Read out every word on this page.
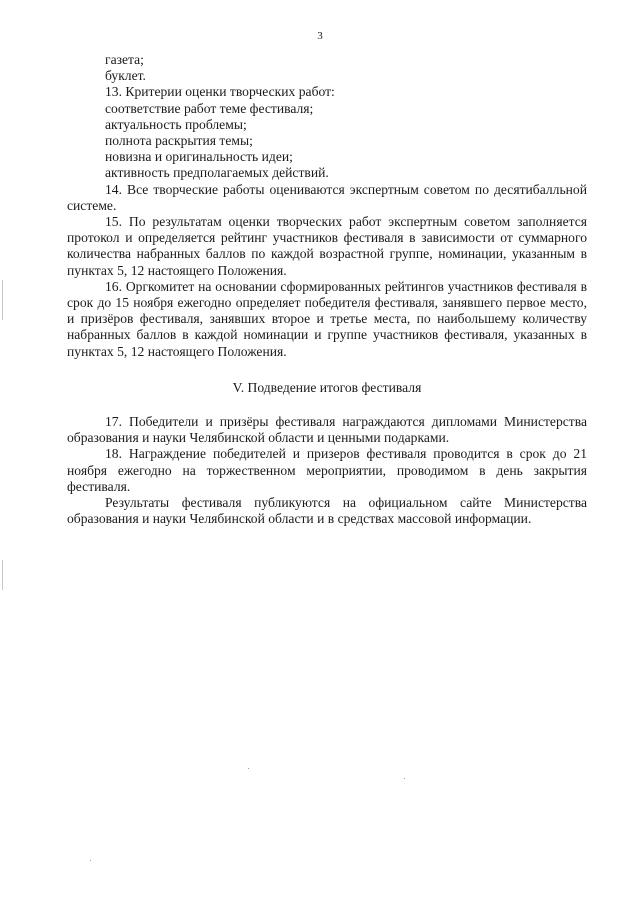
3

газета;

буклет.

13. Критерии оценки творческих работ:

соответствие работ теме фестиваля;

актуальность проблемы;

полнота раскрытия темы;

новизна и оригинальность идеи;

активность предполагаемых действий.

14. Все творческие работы оцениваются экспертным советом по десятибалльной системе.

15. По результатам оценки творческих работ экспертным советом заполняется протокол и определяется рейтинг участников фестиваля в зависимости от суммарного количества набранных баллов по каждой возрастной группе, номинации, указанным в пунктах 5, 12 настоящего Положения.

16. Оргкомитет на основании сформированных рейтингов участников фестиваля в срок до 15 ноября ежегодно определяет победителя фестиваля, занявшего первое место, и призёров фестиваля, занявших второе и третье места, по наибольшему количеству набранных баллов в каждой номинации и группе участников фестиваля, указанных в пунктах 5, 12 настоящего Положения.

V. Подведение итогов фестиваля

17. Победители и призёры фестиваля награждаются дипломами Министерства образования и науки Челябинской области и ценными подарками.

18. Награждение победителей и призеров фестиваля проводится в срок до 21 ноября ежегодно на торжественном мероприятии, проводимом в день закрытия фестиваля.

Результаты фестиваля публикуются на официальном сайте Министерства образования и науки Челябинской области и в средствах массовой информации.
